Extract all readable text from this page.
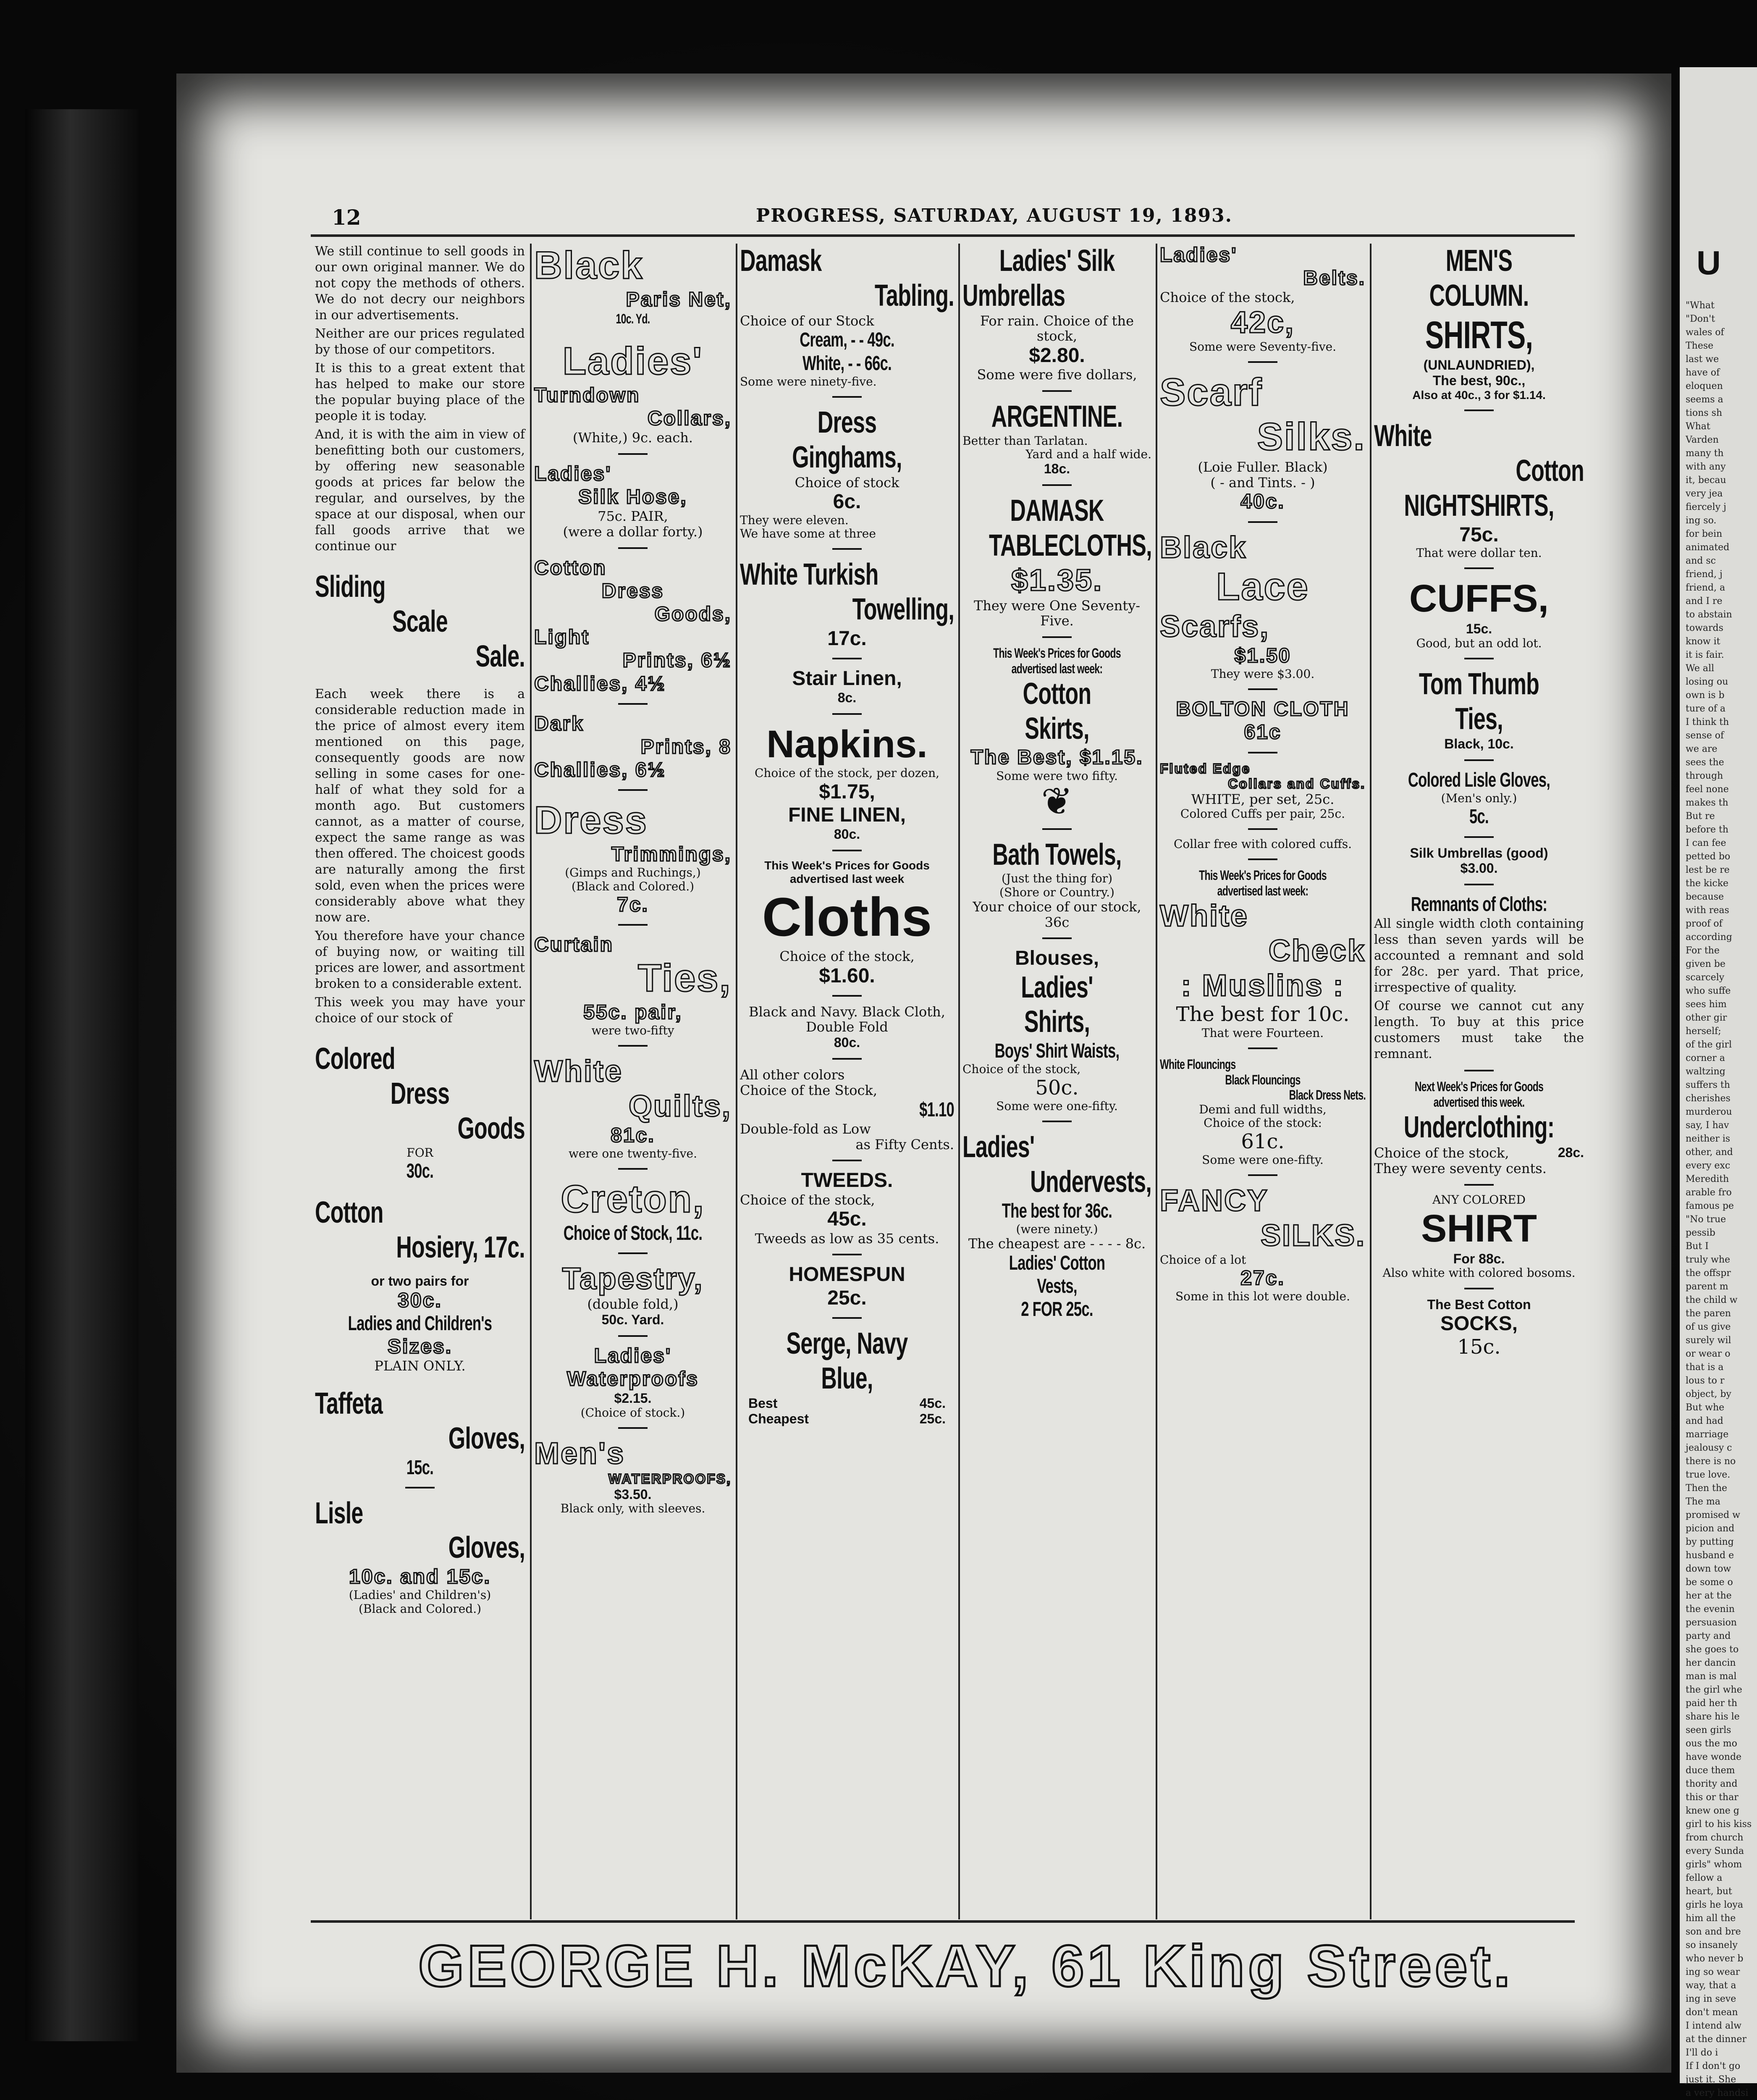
U
"What
"Don't
wales of
These
last we
have of
eloquen
seems a
tions sh
What
Varden
many th
with any
it, becau
very jea
fiercely j
ing so.
for bein
animated
and sc
friend, j
friend, a
and I re
to abstain
towards
know it
it is fair.
We all
losing ou
own is b
ture of a
I think th
sense of
we are
sees the
through
feel none
makes th
But re
before th
I can fee
petted bo
lest be re
the kicke
because
with reas
proof of
according
For the
given be
scarcely
who suffe
sees him
other gir
herself;
of the girl
corner a
waltzing
suffers th
cherishes
murderou
say, I hav
neither is
other, and
every exc
Meredith
arable fro
famous pe
"No true
pessib
But I
truly whe
the offspr
parent m
the child w
the paren
of us give
surely wil
or wear o
that is a
lous to r
object, by
But whe
and had
marriage
jealousy c
there is no
true love.
Then the
The ma
promised w
picion and
by putting
husband e
down tow
be some o
her at the
the evenin
persuasion
party and
she goes to
her dancin
man is mal
the girl whe
paid her th
share his le
seen girls
ous the mo
have wonde
duce them
thority and
this or thar
knew one g
girl to his kiss
from church
every Sunda
girls" whom
fellow a
heart, but
girls he loya
him all the
son and bre
so insanely
who never b
ing so wear
way, that a
ing in seve
don't mean
I intend alw
at the dinner
I'll do i
If I don't go
just it. She
a very handsi
12	PROGRESS, SATURDAY, AUGUST 19, 1893.

We still continue to sell goods in our own original manner. We do not copy the methods of others. We do not decry our neighbors in our advertisements.

Neither are our prices regulated by those of our competitors.

It is this to a great extent that has helped to make our store the popular buying place of the people it is today.

And, it is with the aim in view of benefitting both our customers, by offering new seasonable goods at prices far below the regular, and ourselves, by the space at our disposal, when our fall goods arrive that we continue our

Sliding
Scale
Sale.

Each week there is a considerable reduction made in the price of almost every item mentioned on this page, consequently goods are now selling in some cases for one-half of what they sold for a month ago. But customers cannot, as a matter of course, expect the same range as was then offered. The choicest goods are naturally among the first sold, even when the prices were considerably above what they now are.

You therefore have your chance of buying now, or waiting till prices are lower, and assortment broken to a considerable extent.

This week you may have your choice of our stock of

Colored
Dress
Goods
FOR
30c.
Cotton
Hosiery, 17c.
or two pairs for
30c.
Ladies and Children's
Sizes.
PLAIN ONLY.
Taffeta
Gloves,
15c.
Lisle
Gloves,
10c. and 15c.
(Ladies' and Children's)
(Black and Colored.)
Black
Paris Net,
10c. Yd.
Ladies'
Turndown
Collars,
(White,) 9c. each.
Ladies'
Silk Hose,
75c. PAIR,
(were a dollar forty.)
Cotton
Dress
Goods,
Light
Prints, 6½
Challies, 4½
Dark
Prints, 8
Challies, 6½
Dress
Trimmings,
(Gimps and Ruchings,)
(Black and Colored.)
7c.
Curtain
Ties,
55c. pair,
were two-fifty
White
Quilts,
81c.
were one twenty-five.
Creton,
Choice of Stock, 11c.
Tapestry,
(double fold,)
50c. Yard.
Ladies'
Waterproofs
$2.15.
(Choice of stock.)
Men's
WATERPROOFS,
$3.50.
Black only, with sleeves.
Damask
Tabling.
Choice of our Stock
Cream, - - 49c.
White, - - 66c.
Some were ninety-five.
Dress Ginghams,
Choice of stock
6c.
They were eleven.
We have some at three
White Turkish
Towelling,
17c.
Stair Linen,
8c.
Napkins.
Choice of the stock, per dozen,
$1.75,
FINE LINEN,
80c.
This Week's Prices for Goods
advertised last week
Cloths
Choice of the stock,
$1.60.
Black and Navy. Black Cloth,
Double Fold
80c.
All other colors
Choice of the Stock,
$1.10
Double-fold as Low
as Fifty Cents.
TWEEDS.
Choice of the stock,
45c.
Tweeds as low as 35 cents.
HOMESPUN
25c.
Serge, Navy Blue,
Best	45c.
Cheapest	25c.
Ladies' Silk
Umbrellas
For rain. Choice of the stock,
$2.80.
Some were five dollars,
ARGENTINE.
Better than Tarlatan.
Yard and a half wide.
18c.
DAMASK
TABLECLOTHS,
$1.35.
They were One Seventy-Five.
This Week's Prices for Goods
advertised last week:
Cotton Skirts,
The Best, $1.15.
Some were two fifty.
❦
Bath Towels,
(Just the thing for)
(Shore or Country.)
Your choice of our stock, 36c
Blouses,
Ladies' Shirts,
Boys' Shirt Waists,
Choice of the stock,
50c.
Some were one-fifty.
Ladies'
Undervests,
The best for 36c.
(were ninety.)
The cheapest are - - - - 8c.
Ladies' Cotton Vests,
2 FOR 25c.
Ladies'
Belts.
Choice of the stock,
42c,
Some were Seventy-five.
Scarf
Silks.
(Loie Fuller. Black)
( - and Tints. - )
40c.
Black
Lace
Scarfs,
$1.50
They were $3.00.
BOLTON CLOTH
61c
Fluted Edge
Collars and Cuffs.
WHITE, per set, 25c.
Colored Cuffs per pair, 25c.
Collar free with colored cuffs.
This Week's Prices for Goods
advertised last week:
White
Check
: Muslins :
The best for 10c.
That were Fourteen.
White Flouncings
Black Flouncings
Black Dress Nets.
Demi and full widths,
Choice of the stock:
61c.
Some were one-fifty.
FANCY
SILKS.
Choice of a lot
27c.
Some in this lot were double.
MEN'S COLUMN.
SHIRTS,
(UNLAUNDRIED),
The best, 90c.,
Also at 40c., 3 for $1.14.
White
Cotton
NIGHTSHIRTS,
75c.
That were dollar ten.
CUFFS,
15c.
Good, but an odd lot.
Tom Thumb Ties,
Black, 10c.
Colored Lisle Gloves,
(Men's only.)
5c.
Silk Umbrellas (good)
$3.00.
Remnants of Cloths:

All single width cloth containing less than seven yards will be accounted a remnant and sold for 28c. per yard. That price, irrespective of quality.

Of course we cannot cut any length. To buy at this price customers must take the remnant.

Next Week's Prices for Goods
advertised this week.
Underclothing:
Choice of the stock,	28c.
They were seventy cents.
ANY COLORED
SHIRT
For 88c.
Also white with colored bosoms.
The Best Cotton
SOCKS,
15c.
GEORGE H. McKAY, 61 King Street.
